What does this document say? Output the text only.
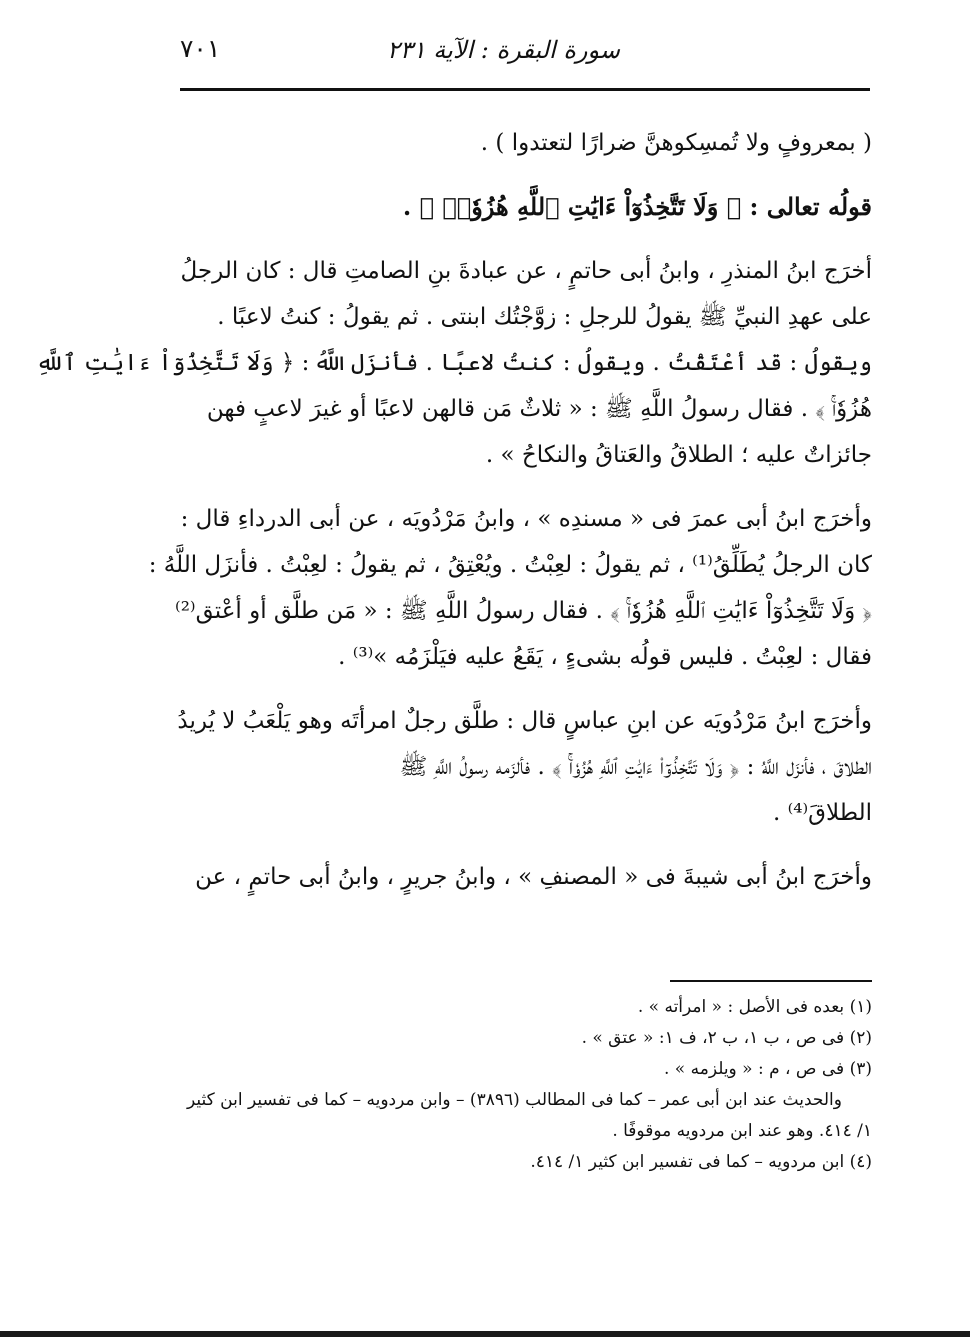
سورة البقرة : الآية ٢٣١
٧٠١
( بمعروفٍ ولا تُمسِكوهنَّ ضرارًا لتعتدوا ) .
قولُه تعالى : ﴿ وَلَا تَتَّخِذُوٓاْ ءَايَٰتِ ٱللَّهِ هُزُوٗاۚ ﴾ .
أخرَج ابنُ المنذرِ ، وابنُ أبى حاتمٍ ، عن عبادةَ بنِ الصامتِ قال : كان الرجلُ
على عهدِ النبيِّ ﷺ يقولُ للرجلِ : زوَّجْتُك ابنتى . ثم يقولُ : كنتُ لاعبًا .
ويقولُ : قد أعْتَقْتُ . ويقولُ : كنتُ لاعبًا . فأنزَل اللَّهُ : ﴿ وَلَا تَتَّخِذُوٓاْ ءَايَٰتِ ٱللَّهِ
هُزُوٗاۚ ﴾ . فقال رسولُ اللَّهِ ﷺ : « ثلاثٌ مَن قالهن لاعبًا أو غيرَ لاعبٍ فهن
جائزاتٌ عليه ؛ الطلاقُ والعَتاقُ والنكاحُ » .
وأخرَج ابنُ أبى عمرَ فى « مسندِه » ، وابنُ مَرْدُويَه ، عن أبى الدرداءِ قال :
كان الرجلُ يُطَلِّقُ⁽¹⁾ ، ثم يقولُ : لعِبْتُ . ويُعْتِقُ ، ثم يقولُ : لعِبْتُ . فأنزَل اللَّهُ :
﴿ وَلَا تَتَّخِذُوٓاْ ءَايَٰتِ ٱللَّهِ هُزُوٗاۚ ﴾ . فقال رسولُ اللَّهِ ﷺ : « مَن طلَّق أو أعْتق⁽²⁾
فقال : لعِبْتُ . فليس قولُه بشىءٍ ، يَقَعُ عليه فيَلْزَمُه »⁽³⁾ .
وأخرَج ابنُ مَرْدُويَه عن ابنِ عباسٍ قال : طلَّق رجلٌ امرأتَه وهو يَلْعَبُ لا يُريدُ
الطلاقَ ، فأنزَل اللَّهُ : ﴿ وَلَا تَتَّخِذُوٓاْ ءَايَٰتِ ٱللَّهِ هُزُوٗاۚ ﴾ . فألزَمه رسولُ اللَّهِ ﷺ
الطلاقَ⁽⁴⁾ .
وأخرَج ابنُ أبى شيبةَ فى « المصنفِ » ، وابنُ جريرٍ ، وابنُ أبى حاتمٍ ، عن
(١) بعده فى الأصل : « امرأته » .
(٢) فى ص ، ب ١، ب ٢، ف ١: « عتق » .
(٣) فى ص ، م : « ويلزمه » .
والحديث عند ابن أبى عمر – كما فى المطالب (٣٨٩٦) – وابن مردويه – كما فى تفسير ابن كثير
١/ ٤١٤. وهو عند ابن مردويه موقوفًا .
(٤) ابن مردويه – كما فى تفسير ابن كثير ١/ ٤١٤.
